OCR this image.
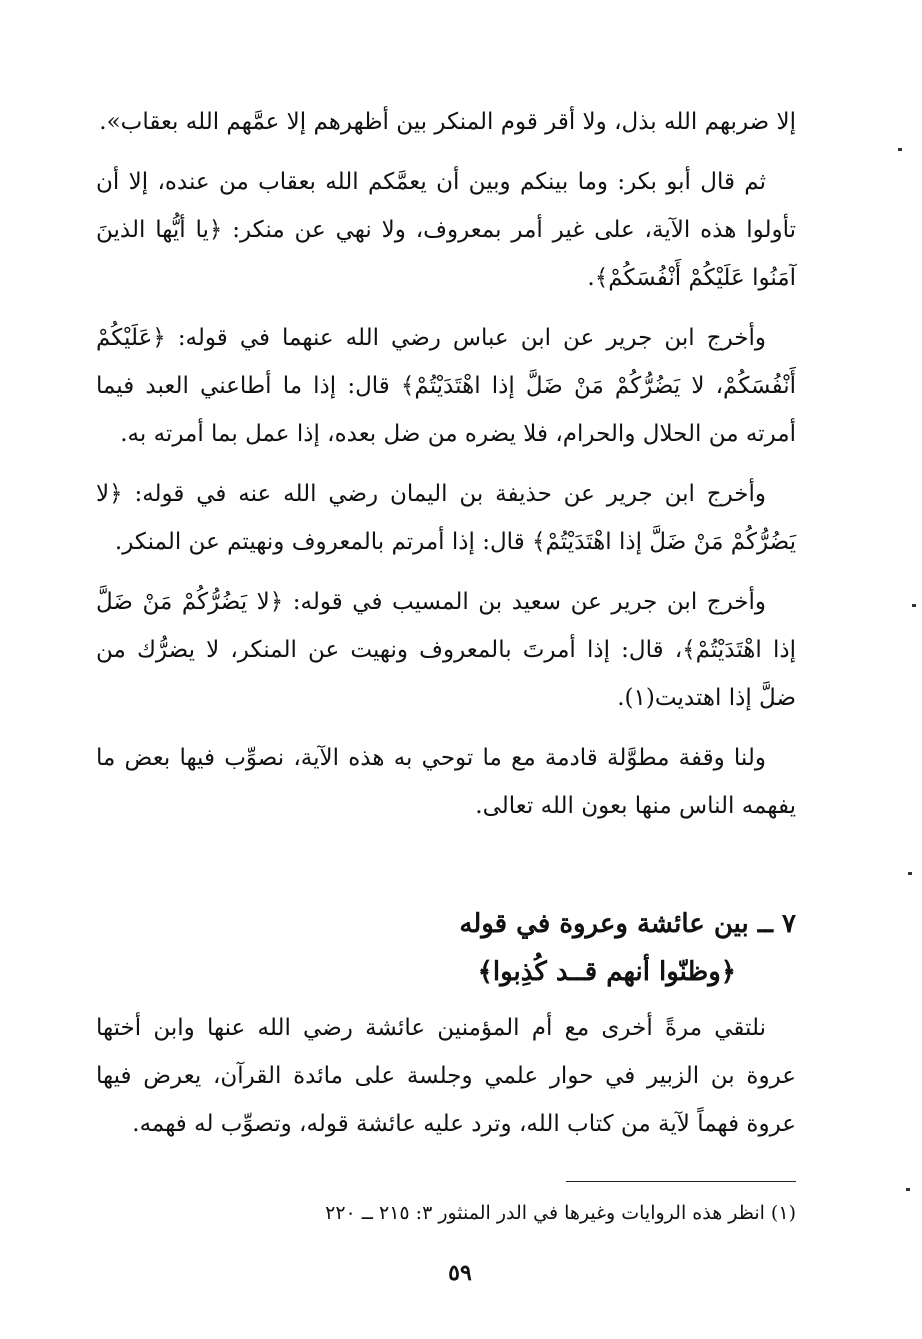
إلا ضربهم الله بذل، ولا أقر قوم المنكر بين أظهرهم إلا عمَّهم الله بعقاب».

ثم قال أبو بكر: وما بينكم وبين أن يعمَّكم الله بعقاب من عنده، إلا أن تأولوا هذه الآية، على غير أمر بمعروف، ولا نهي عن منكر: ﴿يا أيُّها الذينَ آمَنُوا عَلَيْكُمْ أَنْفُسَكُمْ﴾.

وأخرج ابن جرير عن ابن عباس رضي الله عنهما في قوله: ﴿عَلَيْكُمْ أَنْفُسَكُمْ، لا يَضُرُّكُمْ مَنْ ضَلَّ إذا اهْتَدَيْتُمْ﴾ قال: إذا ما أطاعني العبد فيما أمرته من الحلال والحرام، فلا يضره من ضل بعده، إذا عمل بما أمرته به.

وأخرج ابن جرير عن حذيفة بن اليمان رضي الله عنه في قوله: ﴿لا يَضُرُّكُمْ مَنْ ضَلَّ إذا اهْتَدَيْتُمْ﴾ قال: إذا أمرتم بالمعروف ونهيتم عن المنكر.

وأخرج ابن جرير عن سعيد بن المسيب في قوله: ﴿لا يَضُرُّكُمْ مَنْ ضَلَّ إذا اهْتَدَيْتُمْ﴾، قال: إذا أمرتَ بالمعروف ونهيت عن المنكر، لا يضرُّك من ضلَّ إذا اهتديت(١).

ولنا وقفة مطوَّلة قادمة مع ما توحي به هذه الآية، نصوِّب فيها بعض ما يفهمه الناس منها بعون الله تعالى.

٧ ــ بين عائشة وعروة في قوله
﴿وظنّوا أنهم قــد كُذِبوا﴾

نلتقي مرةً أخرى مع أم المؤمنين عائشة رضي الله عنها وابن أختها عروة بن الزبير في حوار علمي وجلسة على مائدة القرآن، يعرض فيها عروة فهماً لآية من كتاب الله، وترد عليه عائشة قوله، وتصوِّب له فهمه.

(١) انظر هذه الروايات وغيرها في الدر المنثور ٣: ٢١٥ ــ ٢٢٠
٥٩
